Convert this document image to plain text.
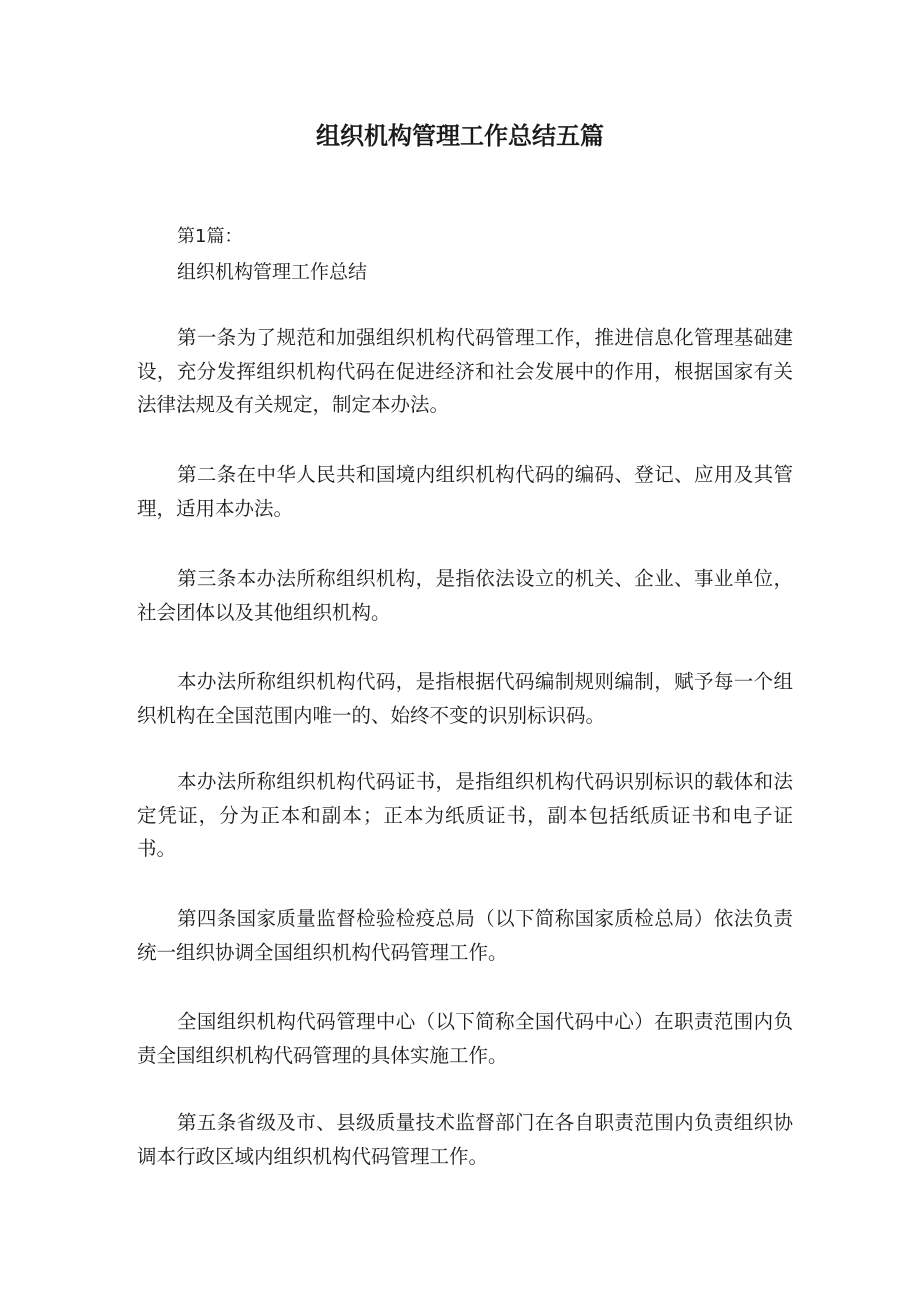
组织机构管理工作总结五篇

第1篇：

组织机构管理工作总结

第一条为了规范和加强组织机构代码管理工作，推进信息化管理基础建设，充分发挥组织机构代码在促进经济和社会发展中的作用，根据国家有关法律法规及有关规定，制定本办法。

第二条在中华人民共和国境内组织机构代码的编码、登记、应用及其管理，适用本办法。

第三条本办法所称组织机构，是指依法设立的机关、企业、事业单位，社会团体以及其他组织机构。

本办法所称组织机构代码，是指根据代码编制规则编制，赋予每一个组织机构在全国范围内唯一的、始终不变的识别标识码。

本办法所称组织机构代码证书，是指组织机构代码识别标识的载体和法定凭证，分为正本和副本；正本为纸质证书，副本包括纸质证书和电子证书。

第四条国家质量监督检验检疫总局（以下简称国家质检总局）依法负责统一组织协调全国组织机构代码管理工作。

全国组织机构代码管理中心（以下简称全国代码中心）在职责范围内负责全国组织机构代码管理的具体实施工作。

第五条省级及市、县级质量技术监督部门在各自职责范围内负责组织协调本行政区域内组织机构代码管理工作。
